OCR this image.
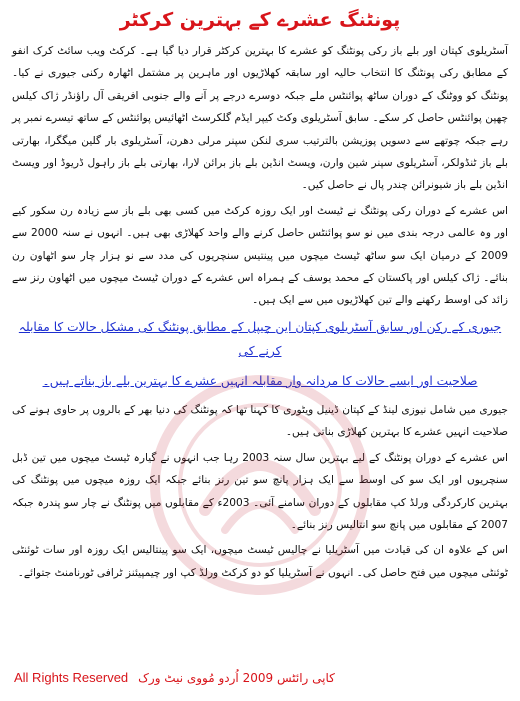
پونٹنگ عشرے کے بہترین کرکٹر

آسٹریلوی کپتان اور بلے باز رکی پونٹنگ کو عشرے کا بہترین کرکٹر قرار دیا گیا ہے۔ کرکٹ ویب سائٹ کرک انفو کے مطابق رکی پونٹنگ کا انتخاب حالیہ اور سابقہ کھلاڑیوں اور ماہرین پر مشتمل اٹھارہ رکنی جیوری نے کیا۔ پونٹنگ کو ووٹنگ کے دوران ساٹھ پوائنٹس ملے جبکہ دوسرے درجے پر آنے والے جنوبی افریقی آل راؤنڈر ژاک کیلس چھپن پوائنٹس حاصل کر سکے۔ سابق آسٹریلوی وکٹ کیپر ایڈم گلکرسٹ اٹھائیس پوائنٹس کے ساتھ تیسرے نمبر پر رہے جبکہ چوتھے سے دسویں پوزیشن بالترتیب سری لنکن سپنر مرلی دھرن، آسٹریلوی بار گلین میگگرا، بھارتی بلے باز ٹنڈولکر، آسٹریلوی سپنر شین وارن، ویسٹ انڈین بلے باز برائن لارا، بھارتی بلے باز راہول ڈریوڈ اور ویسٹ انڈین بلے باز شیونرائن چندر پال نے حاصل کیں۔

اس عشرے کے دوران رکی پونٹنگ نے ٹیسٹ اور ایک روزہ کرکٹ میں کسی بھی بلے باز سے زیادہ رن سکور کیے اور وہ عالمی درجہ بندی میں نو سو پوائنٹس حاصل کرنے والے واحد کھلاڑی بھی ہیں۔ انہوں نے سنہ 2000 سے 2009 کے درمیان ایک سو ساٹھ ٹیسٹ میچوں میں پینتیس سنچریوں کی مدد سے نو ہزار چار سو اٹھاون رن بنائے۔ ژاک کیلس اور پاکستان کے محمد یوسف کے ہمراہ اس عشرے کے دوران ٹیسٹ میچوں میں اٹھاون رنز سے زائد کی اوسط رکھنے والے تین کھلاڑیوں میں سے ایک ہیں۔

جیوری کے رکن اور سابق آسٹریلوی کپتان این چیپل کے مطابق پونٹنگ کی مشکل حالات کا مقابلہ کرنے کی
صلاحیت اور ایسے حالات کا مردانہ وار مقابلہ انہیں عشرے کا بہترین بلے باز بناتے ہیں۔

جیوری میں شامل نیوزی لینڈ کے کپتان ڈینیل ویٹوری کا کہنا تھا کہ پونٹنگ کی دنیا بھر کے بالروں پر حاوی ہونے کی صلاحیت انہیں عشرے کا بہترین کھلاڑی بناتی ہیں۔

اس عشرے کے دوران پونٹنگ کے لیے بہترین سال سنہ 2003 رہا جب انہوں نے گیارہ ٹیسٹ میچوں میں تین ڈبل سنچریوں اور ایک سو کی اوسط سے ایک ہزار پانچ سو تین رنز بنائے جبکہ ایک روزہ میچوں میں پونٹنگ کی بہترین کارکردگی ورلڈ کپ مقابلوں کے دوران سامنے آئی۔ 2003ء کے مقابلوں میں پونٹنگ نے چار سو پندرہ جبکہ 2007 کے مقابلوں میں پانچ سو انتالیس رنز بنائے۔

اس کے علاوہ ان کی قیادت میں آسٹریلیا نے چالیس ٹیسٹ میچوں، ایک سو پینتالیس ایک روزہ اور سات ٹوئنٹی ٹوئنٹی میچوں میں فتح حاصل کی۔ انہوں نے آسٹریلیا کو دو کرکٹ ورلڈ کپ اور چیمپیئنز ٹرافی ٹورنامنٹ جتوائے۔

کاپی رائٹس 2009 اُردو مُووی نیٹ ورک
All Rights Reserved
